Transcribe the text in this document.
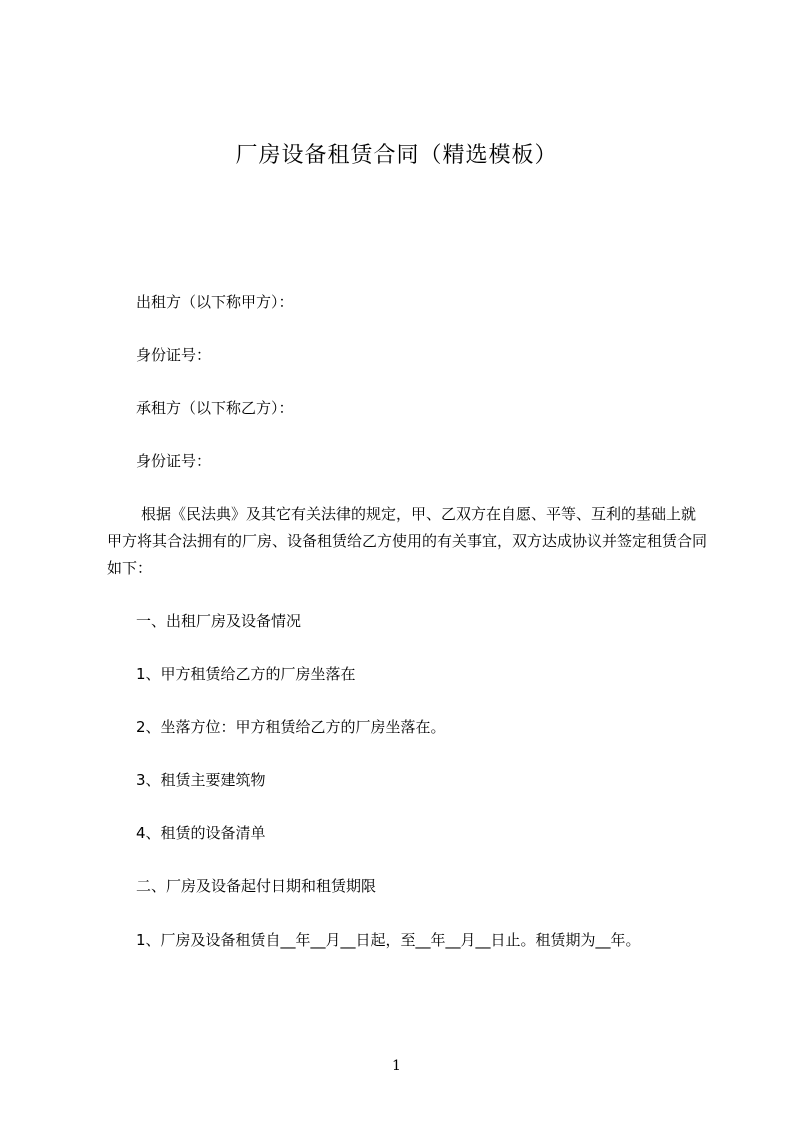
厂房设备租赁合同（精选模板）
出租方（以下称甲方）：
身份证号：
承租方（以下称乙方）：
身份证号：
根据《民法典》及其它有关法律的规定，甲、乙双方在自愿、平等、互利的基础上就甲方将其合法拥有的厂房、设备租赁给乙方使用的有关事宜，双方达成协议并签定租赁合同如下：
一、出租厂房及设备情况
1、甲方租赁给乙方的厂房坐落在
2、坐落方位：甲方租赁给乙方的厂房坐落在。
3、租赁主要建筑物
4、租赁的设备清单
二、厂房及设备起付日期和租赁期限
1、厂房及设备租赁自__年__月__日起，至__年__月__日止。租赁期为__年。
1
